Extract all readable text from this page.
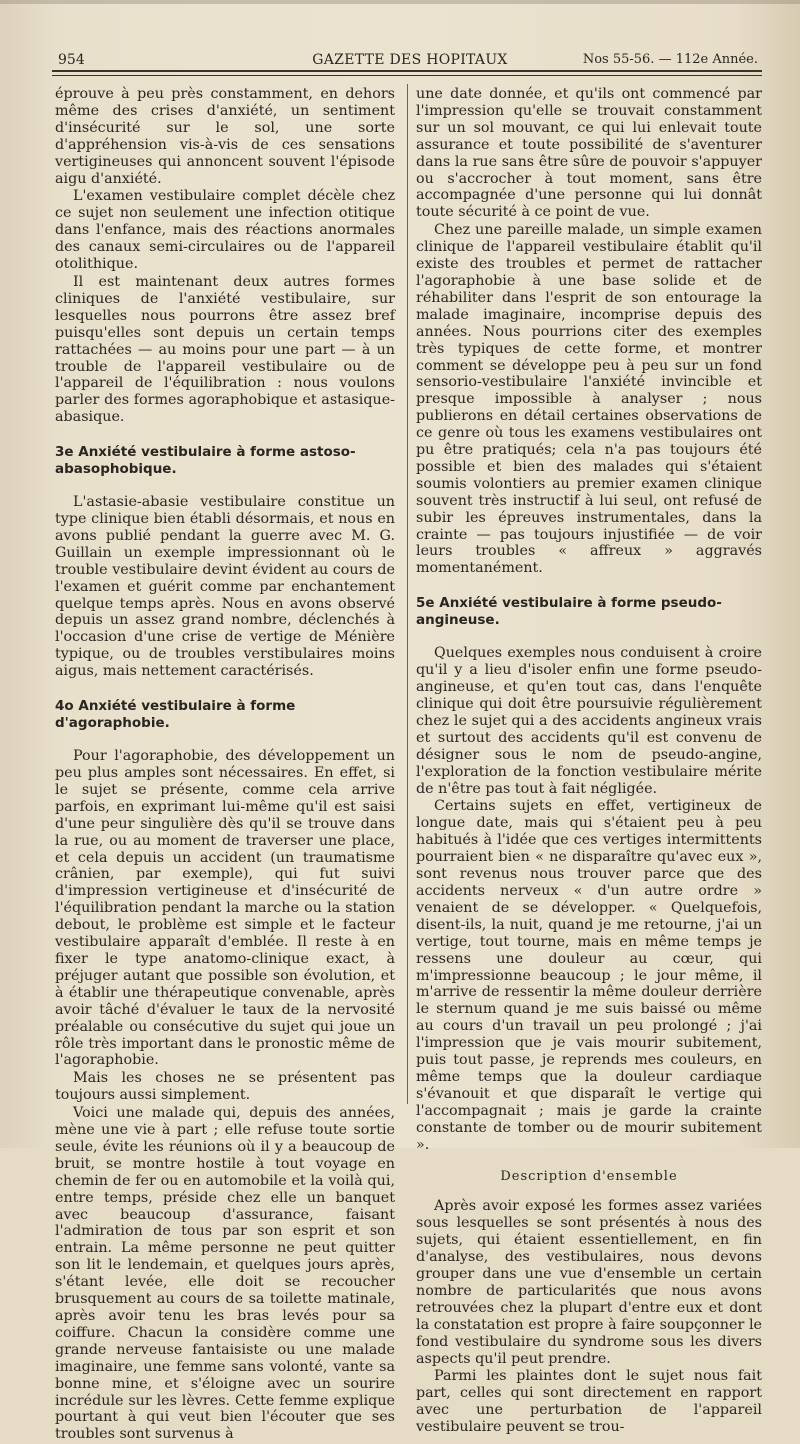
954	GAZETTE DES HOPITAUX	Nos 55-56. — 112e Année.

éprouve à peu près constamment, en dehors même des crises d'anxiété, un sentiment d'insécurité sur le sol, une sorte d'appréhension vis-à-vis de ces sensations vertigineuses qui annoncent souvent l'épisode aigu d'anxiété.

L'examen vestibulaire complet décèle chez ce sujet non seulement une infection otitique dans l'enfance, mais des réactions anormales des canaux semi-circulaires ou de l'appareil otolithique.

Il est maintenant deux autres formes cliniques de l'anxiété vestibulaire, sur lesquelles nous pourrons être assez bref puisqu'elles sont depuis un certain temps rattachées — au moins pour une part — à un trouble de l'appareil vestibulaire ou de l'appareil de l'équilibration : nous voulons parler des formes agoraphobique et astasique-abasique.

3e Anxiété vestibulaire à forme astoso-abasophobique.

L'astasie-abasie vestibulaire constitue un type clinique bien établi désormais, et nous en avons publié pendant la guerre avec M. G. Guillain un exemple impressionnant où le trouble vestibulaire devint évident au cours de l'examen et guérit comme par enchantement quelque temps après. Nous en avons observé depuis un assez grand nombre, déclenchés à l'occasion d'une crise de vertige de Ménière typique, ou de troubles verstibulaires moins aigus, mais nettement caractérisés.

4o Anxiété vestibulaire à forme d'agoraphobie.

Pour l'agoraphobie, des développement un peu plus amples sont nécessaires. En effet, si le sujet se présente, comme cela arrive parfois, en exprimant lui-même qu'il est saisi d'une peur singulière dès qu'il se trouve dans la rue, ou au moment de traverser une place, et cela depuis un accident (un traumatisme crânien, par exemple), qui fut suivi d'impression vertigineuse et d'insécurité de l'équilibration pendant la marche ou la station debout, le problème est simple et le facteur vestibulaire apparaît d'emblée. Il reste à en fixer le type anatomo-clinique exact, à préjuger autant que possible son évolution, et à établir une thérapeutique convenable, après avoir tâché d'évaluer le taux de la nervosité préalable ou consécutive du sujet qui joue un rôle très important dans le pronostic même de l'agoraphobie.

Mais les choses ne se présentent pas toujours aussi simplement.

Voici une malade qui, depuis des années, mène une vie à part ; elle refuse toute sortie seule, évite les réunions où il y a beaucoup de bruit, se montre hostile à tout voyage en chemin de fer ou en automobile et la voilà qui, entre temps, préside chez elle un banquet avec beaucoup d'assurance, faisant l'admiration de tous par son esprit et son entrain. La même personne ne peut quitter son lit le lendemain, et quelques jours après, s'étant levée, elle doit se recoucher brusquement au cours de sa toilette matinale, après avoir tenu les bras levés pour sa coiffure. Chacun la considère comme une grande nerveuse fantaisiste ou une malade imaginaire, une femme sans volonté, vante sa bonne mine, et s'éloigne avec un sourire incrédule sur les lèvres. Cette femme explique pourtant à qui veut bien l'écouter que ses troubles sont survenus à

une date donnée, et qu'ils ont commencé par l'impression qu'elle se trouvait constamment sur un sol mouvant, ce qui lui enlevait toute assurance et toute possibilité de s'aventurer dans la rue sans être sûre de pouvoir s'appuyer ou s'accrocher à tout moment, sans être accompagnée d'une personne qui lui donnât toute sécurité à ce point de vue.

Chez une pareille malade, un simple examen clinique de l'appareil vestibulaire établit qu'il existe des troubles et permet de rattacher l'agoraphobie à une base solide et de réhabiliter dans l'esprit de son entourage la malade imaginaire, incomprise depuis des années. Nous pourrions citer des exemples très typiques de cette forme, et montrer comment se développe peu à peu sur un fond sensorio-vestibulaire l'anxiété invincible et presque impossible à analyser ; nous publierons en détail certaines observations de ce genre où tous les examens vestibulaires ont pu être pratiqués; cela n'a pas toujours été possible et bien des malades qui s'étaient soumis volontiers au premier examen clinique souvent très instructif à lui seul, ont refusé de subir les épreuves instrumentales, dans la crainte — pas toujours injustifiée — de voir leurs troubles « affreux » aggravés momentanément.

5e Anxiété vestibulaire à forme pseudo-angineuse.

Quelques exemples nous conduisent à croire qu'il y a lieu d'isoler enfin une forme pseudo-angineuse, et qu'en tout cas, dans l'enquête clinique qui doit être poursuivie régulièrement chez le sujet qui a des accidents angineux vrais et surtout des accidents qu'il est convenu de désigner sous le nom de pseudo-angine, l'exploration de la fonction vestibulaire mérite de n'être pas tout à fait négligée.

Certains sujets en effet, vertigineux de longue date, mais qui s'étaient peu à peu habitués à l'idée que ces vertiges intermittents pourraient bien « ne disparaître qu'avec eux », sont revenus nous trouver parce que des accidents nerveux « d'un autre ordre » venaient de se développer. « Quelquefois, disent-ils, la nuit, quand je me retourne, j'ai un vertige, tout tourne, mais en même temps je ressens une douleur au cœur, qui m'impressionne beaucoup ; le jour même, il m'arrive de ressentir la même douleur derrière le sternum quand je me suis baissé ou même au cours d'un travail un peu prolongé ; j'ai l'impression que je vais mourir subitement, puis tout passe, je reprends mes couleurs, en même temps que la douleur cardiaque s'évanouit et que disparaît le vertige qui l'accompagnait ; mais je garde la crainte constante de tomber ou de mourir subitement ».

Description d'ensemble

Après avoir exposé les formes assez variées sous lesquelles se sont présentés à nous des sujets, qui étaient essentiellement, en fin d'analyse, des vestibulaires, nous devons grouper dans une vue d'ensemble un certain nombre de particularités que nous avons retrouvées chez la plupart d'entre eux et dont la constatation est propre à faire soupçonner le fond vestibulaire du syndrome sous les divers aspects qu'il peut prendre.

Parmi les plaintes dont le sujet nous fait part, celles qui sont directement en rapport avec une perturbation de l'appareil vestibulaire peuvent se trou-
